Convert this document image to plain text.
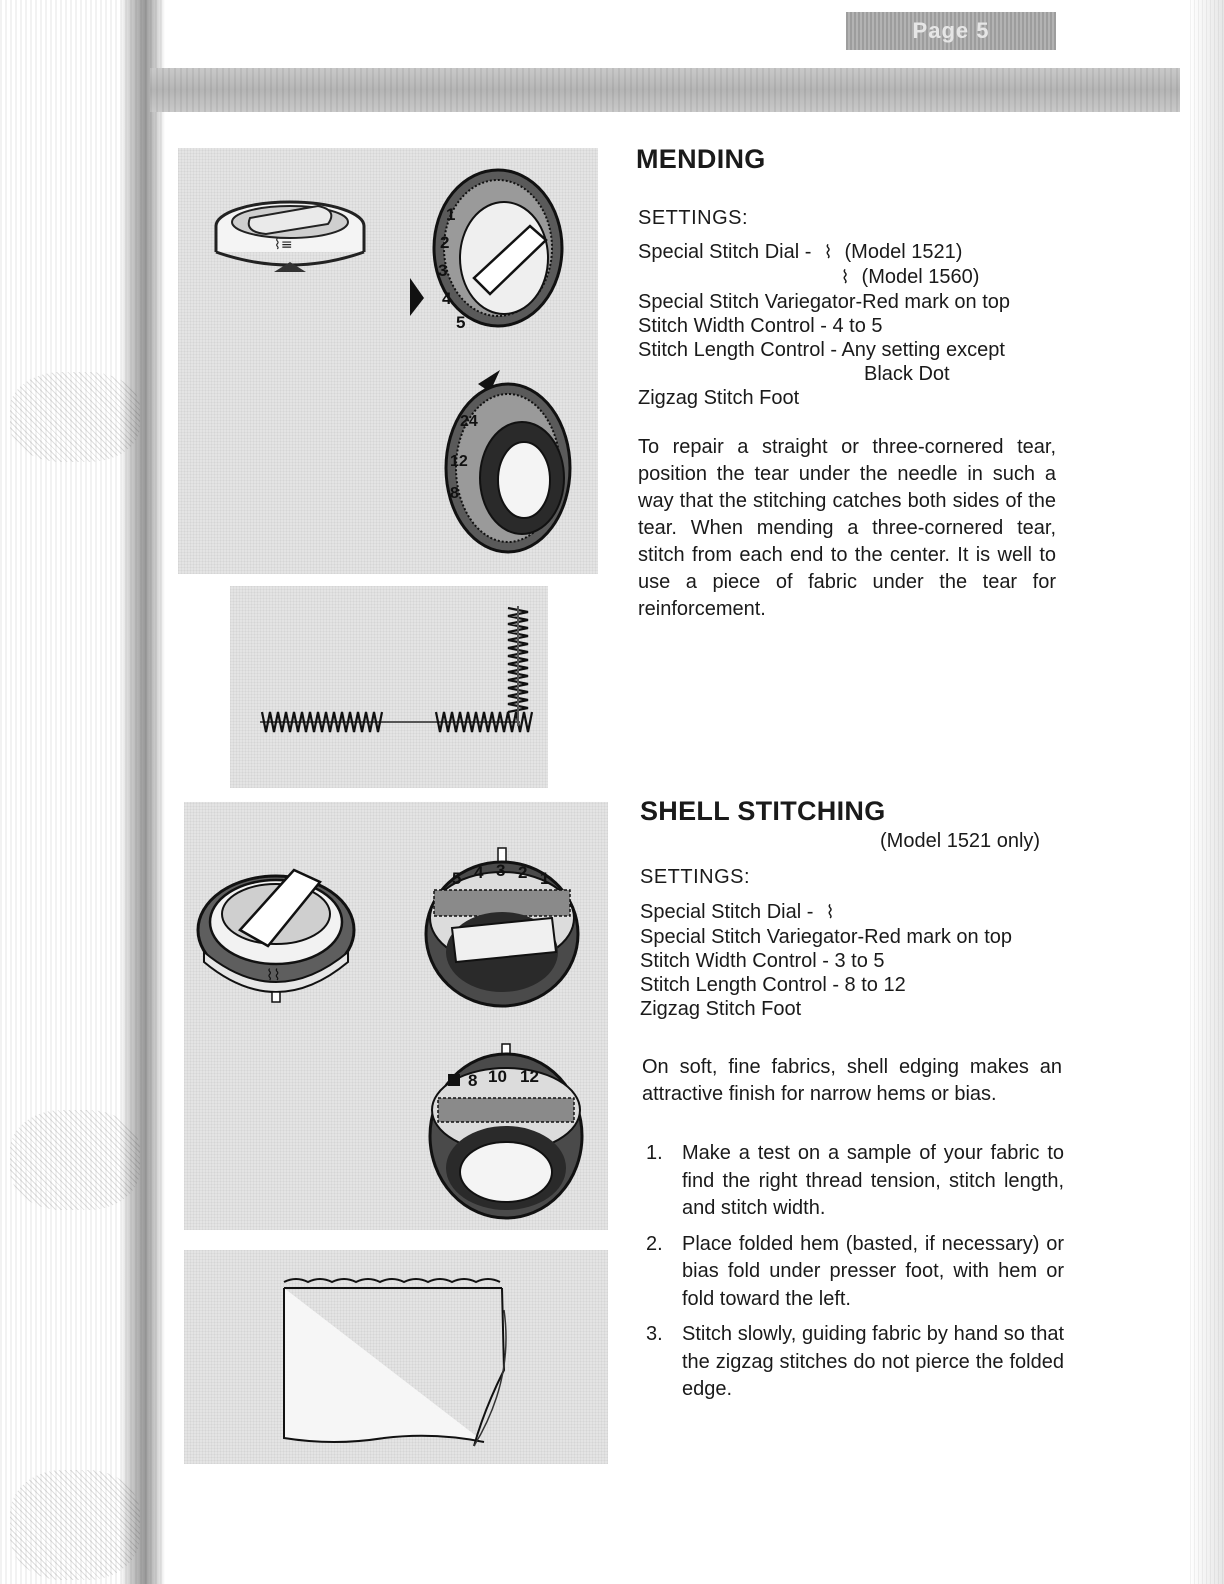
Page 5
⌇≡
1
2
3
4
5
24
12
8
⌇⌇
5 4 3 2 1
8 10 12
MENDING
SETTINGS:
Special Stitch Dial - ⌇ (Model 1521)
⌇ (Model 1560)
Special Stitch Variegator-Red mark on top
Stitch Width Control - 4 to 5
Stitch Length Control - Any setting except
Black Dot
Zigzag Stitch Foot

To repair a straight or three-cornered tear, position the tear under the needle in such a way that the stitching catches both sides of the tear. When mending a three-cornered tear, stitch from each end to the center. It is well to use a piece of fabric under the tear for reinforcement.

SHELL STITCHING
(Model 1521 only)
SETTINGS:
Special Stitch Dial - ⌇
Special Stitch Variegator-Red mark on top
Stitch Width Control - 3 to 5
Stitch Length Control - 8 to 12
Zigzag Stitch Foot

On soft, fine fabrics, shell edging makes an attractive finish for narrow hems or bias.

1. Make a test on a sample of your fabric to find the right thread tension, stitch length, and stitch width.
2. Place folded hem (basted, if necessary) or bias fold under presser foot, with hem or fold toward the left.
3. Stitch slowly, guiding fabric by hand so that the zigzag stitches do not pierce the folded edge.
